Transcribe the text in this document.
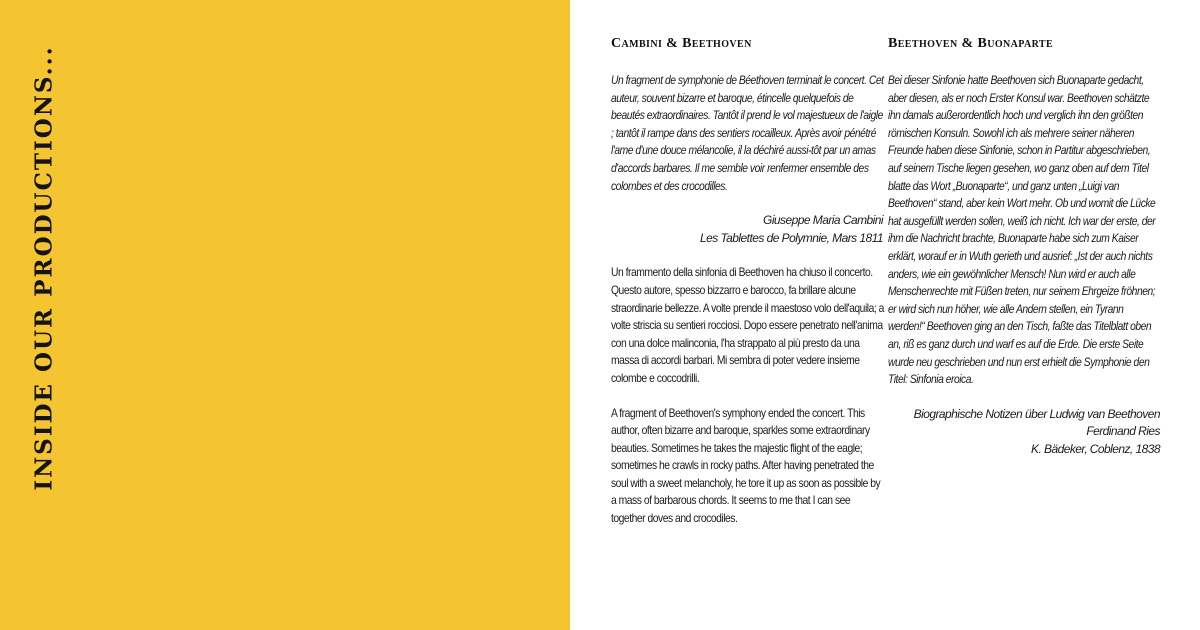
INSIDE OUR PRODUCTIONS...
Cambini & Beethoven

Un fragment de symphonie de Béethoven terminait le concert. Cet auteur, souvent bizarre et baroque, étincelle quelquefois de beautés extraordinaires. Tantôt il prend le vol majestueux de l'aigle ; tantôt il rampe dans des sentiers rocailleux. Après avoir pénétré l'ame d'une douce mélancolie, il la déchiré aussi-tôt par un amas d'accords barbares. Il me semble voir renfermer ensemble des colombes et des crocodilles.

Giuseppe Maria Cambini
Les Tablettes de Polymnie, Mars 1811

Un frammento della sinfonia di Beethoven ha chiuso il concerto. Questo autore, spesso bizzarro e barocco, fa brillare alcune straordinarie bellezze. A volte prende il maestoso volo dell'aquila; a volte striscia su sentieri rocciosi. Dopo essere penetrato nell'anima con una dolce malinconia, l'ha strappato al più presto da una massa di accordi barbari. Mi sembra di poter vedere insieme colombe e coccodrilli.

A fragment of Beethoven's symphony ended the concert. This author, often bizarre and baroque, sparkles some extraordinary beauties. Sometimes he takes the majestic flight of the eagle; sometimes he crawls in rocky paths. After having penetrated the soul with a sweet melancholy, he tore it up as soon as possible by a mass of barbarous chords. It seems to me that I can see together doves and crocodiles.

Beethoven & Buonaparte

Bei dieser Sinfonie hatte Beethoven sich Buonaparte gedacht, aber diesen, als er noch Erster Konsul war. Beethoven schätzte ihn damals außerordentlich hoch und verglich ihn den größten römischen Konsuln. Sowohl ich als mehrere seiner näheren Freunde haben diese Sinfonie, schon in Partitur abgeschrieben, auf seinem Tische liegen gesehen, wo ganz oben auf dem Titel blatte das Wort „Buonaparte“, und ganz unten „Luigi van Beethoven“ stand, aber kein Wort mehr. Ob und womit die Lücke hat ausgefüllt werden sollen, weiß ich nicht. Ich war der erste, der ihm die Nachricht brachte, Buonaparte habe sich zum Kaiser erklärt, worauf er in Wuth gerieth und ausrief: „Ist der auch nichts anders, wie ein gewöhnlicher Mensch! Nun wird er auch alle Menschenrechte mit Füßen treten, nur seinem Ehrgeize fröhnen; er wird sich nun höher, wie alle Andern stellen, ein Tyrann werden!“ Beethoven ging an den Tisch, faßte das Titelblatt oben an, riß es ganz durch und warf es auf die Erde. Die erste Seite wurde neu geschrieben und nun erst erhielt die Symphonie den Titel: Sinfonia eroica.

Biographische Notizen über Ludwig van Beethoven
Ferdinand Ries
K. Bädeker, Coblenz, 1838
